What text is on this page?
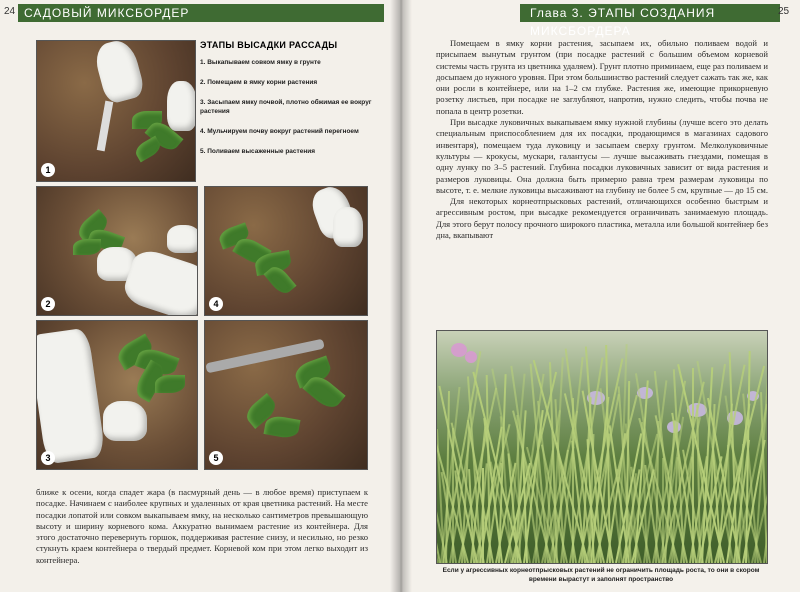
24 САДОВЫЙ МИКСБОРДЕР
1
ЭТАПЫ ВЫСАДКИ РАССАДЫ
1. Выкапываем совком ямку в грунте
2. Помещаем в ямку корни растения
3. Засыпаем ямку почвой, плотно обжимая ее вокруг растения
4. Мульчируем почву вокруг растений перегноем
5. Поливаем высаженные растения
2	4
3	5

ближе к осени, когда спадет жара (в пасмурный день — в любое время) приступаем к посадке. Начинаем с наиболее крупных и удаленных от края цветника растений. На месте посадки лопатой или совком выкапываем ямку, на несколько сантиметров превышающую высоту и ширину корневого кома. Аккуратно вынимаем растение из контейнера. Для этого достаточно перевернуть горшок, поддерживая растение снизу, и несильно, но резко стукнуть краем контейнера о твердый предмет. Корневой ком при этом легко выходит из контейнера.

Глава 3. ЭТАПЫ СОЗДАНИЯ МИКСБОРДЕРА
25

Помещаем в ямку корни растения, засыпаем их, обильно поливаем водой и присыпаем вынутым грунтом (при посадке растений с большим объемом корневой системы часть грунта из цветника удаляем). Грунт плотно приминаем, еще раз поливаем и досыпаем до нужного уровня. При этом большинство растений следует сажать так же, как они росли в контейнере, или на 1–2 см глубже. Растения же, имеющие прикорневую розетку листьев, при посадке не заглубляют, напротив, нужно следить, чтобы почва не попала в центр розетки.

При высадке луковичных выкапываем ямку нужной глубины (лучше всего это делать специальным приспособлением для их посадки, продающимся в магазинах садового инвентаря), помещаем туда луковицу и засыпаем сверху грунтом. Мелколуковичные культуры — крокусы, мускари, галантусы — лучше высаживать гнездами, помещая в одну лунку по 3–5 растений. Глубина посадки луковичных зависит от вида растения и размеров луковицы. Она должна быть примерно равна трем размерам луковицы по высоте, т. е. мелкие луковицы высаживают на глубину не более 5 см, крупные — до 15 см.

Для некоторых корнеотпрысковых растений, отличающихся особенно быстрым и агрессивным ростом, при высадке рекомендуется ограничивать занимаемую площадь. Для этого берут полосу прочного широкого пластика, металла или большой контейнер без дна, вкапывают

Если у агрессивных корнеотпрысковых растений не ограничить площадь роста, то они в скором времени вырастут и заполнят пространство
